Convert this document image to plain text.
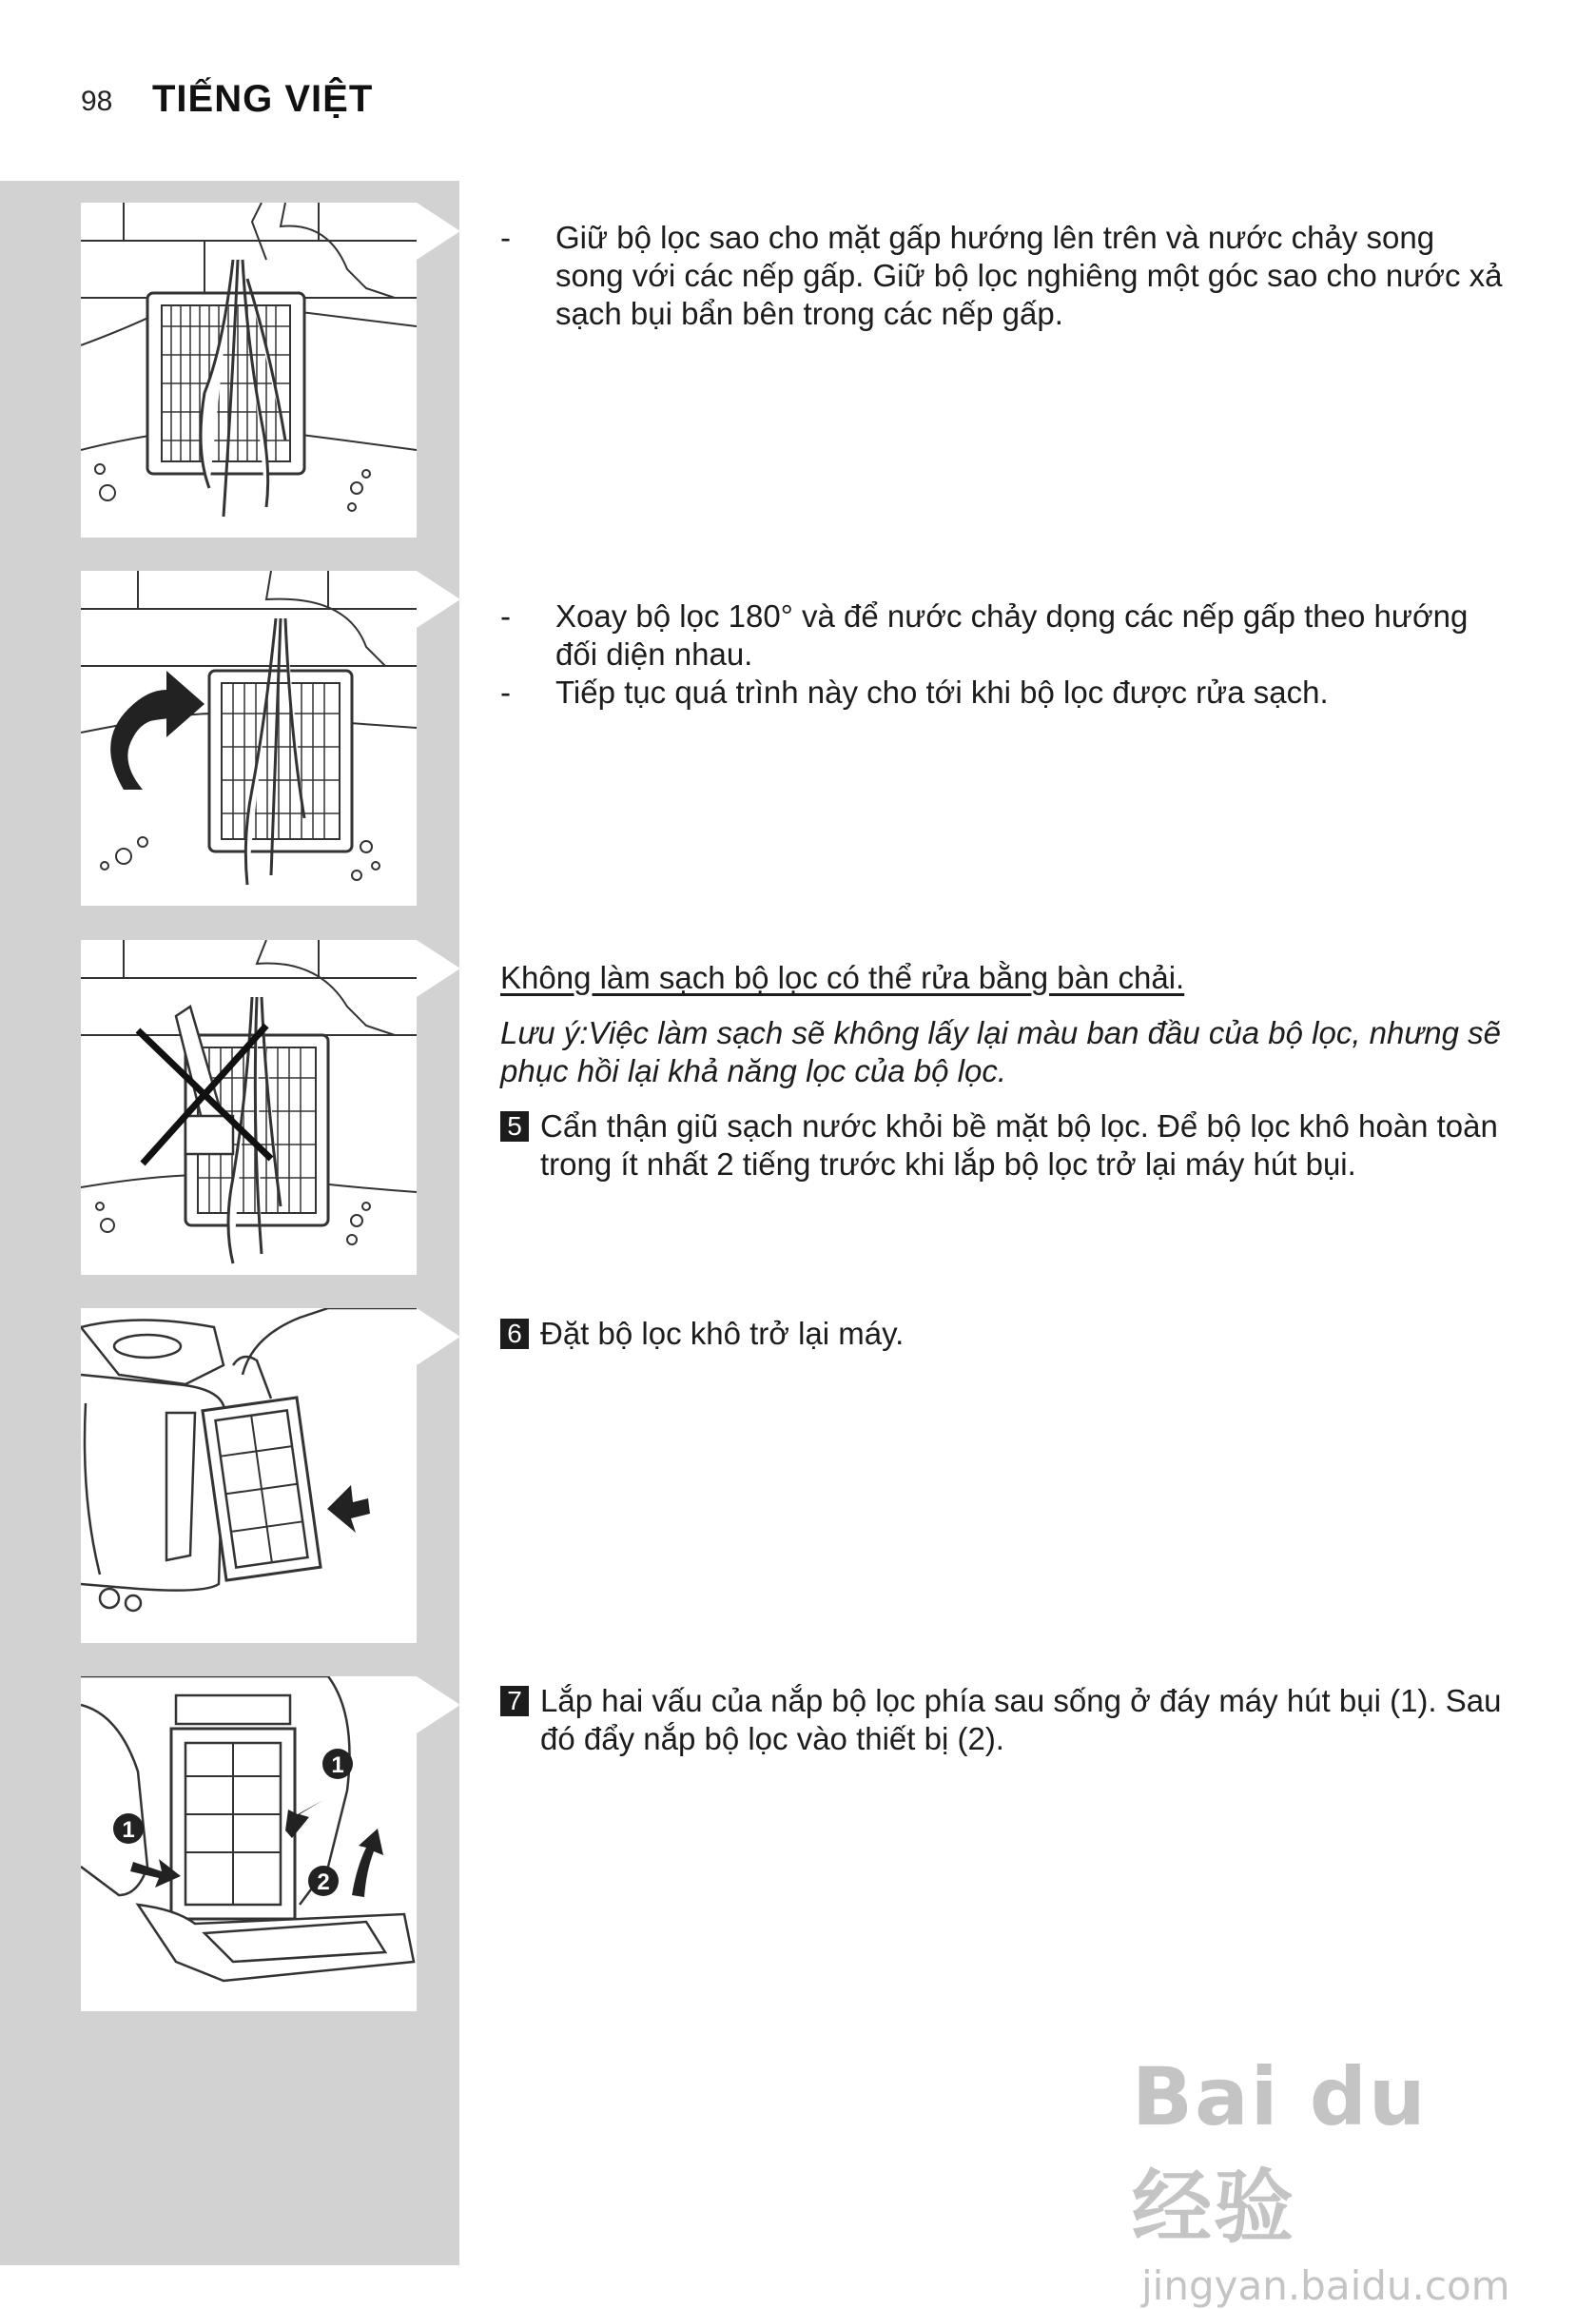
98 TIẾNG VIỆT
1
1
2
-	Giữ bộ lọc sao cho mặt gấp hướng lên trên và nước chảy song song với các nếp gấp. Giữ bộ lọc nghiêng một góc sao cho nước xả sạch bụi bẩn bên trong các nếp gấp.
-	Xoay bộ lọc 180° và để nước chảy dọng các nếp gấp theo hướng đối diện nhau.
-	Tiếp tục quá trình này cho tới khi bộ lọc được rửa sạch.
Không làm sạch bộ lọc có thể rửa bằng bàn chải.
Lưu ý:Việc làm sạch sẽ không lấy lại màu ban đầu của bộ lọc, nhưng sẽ phục hồi lại khả năng lọc của bộ lọc.
5 Cẩn thận giũ sạch nước khỏi bề mặt bộ lọc. Để bộ lọc khô hoàn toàn trong ít nhất 2 tiếng trước khi lắp bộ lọc trở lại máy hút bụi.
6 Đặt bộ lọc khô trở lại máy.
7 Lắp hai vấu của nắp bộ lọc phía sau sống ở đáy máy hút bụi (1). Sau đó đẩy nắp bộ lọc vào thiết bị (2).
Bai du 经验
jingyan.baidu.com
